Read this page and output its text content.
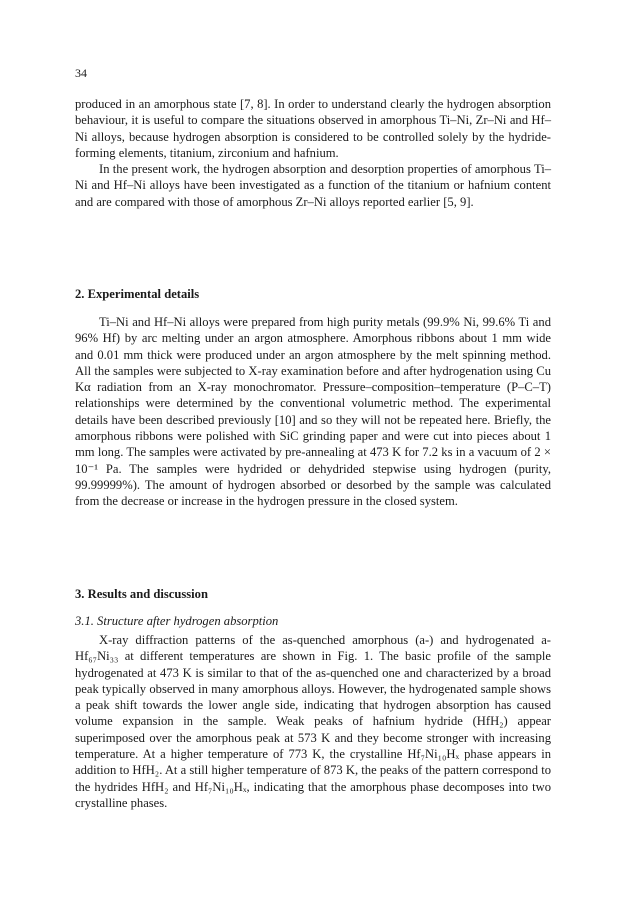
34

produced in an amorphous state [7, 8]. In order to understand clearly the hydrogen absorption behaviour, it is useful to compare the situations observed in amorphous Ti–Ni, Zr–Ni and Hf–Ni alloys, because hydrogen absorption is considered to be controlled solely by the hydride-forming elements, titanium, zirconium and hafnium.

In the present work, the hydrogen absorption and desorption properties of amorphous Ti–Ni and Hf–Ni alloys have been investigated as a function of the titanium or hafnium content and are compared with those of amorphous Zr–Ni alloys reported earlier [5, 9].

2. Experimental details
Ti–Ni and Hf–Ni alloys were prepared from high purity metals (99.9% Ni, 99.6% Ti and 96% Hf) by arc melting under an argon atmosphere. Amorphous ribbons about 1 mm wide and 0.01 mm thick were produced under an argon atmosphere by the melt spinning method. All the samples were subjected to X-ray examination before and after hydrogenation using Cu Kα radiation from an X-ray monochromator. Pressure–composition–temperature (P–C–T) relationships were determined by the conventional volumetric method. The experimental details have been described previously [10] and so they will not be repeated here. Briefly, the amorphous ribbons were polished with SiC grinding paper and were cut into pieces about 1 mm long. The samples were activated by pre-annealing at 473 K for 7.2 ks in a vacuum of 2 × 10⁻¹ Pa. The samples were hydrided or dehydrided stepwise using hydrogen (purity, 99.99999%). The amount of hydrogen absorbed or desorbed by the sample was calculated from the decrease or increase in the hydrogen pressure in the closed system.
3. Results and discussion
3.1. Structure after hydrogen absorption
X-ray diffraction patterns of the as-quenched amorphous (a-) and hydrogenated a-Hf₆₇Ni₃₃ at different temperatures are shown in Fig. 1. The basic profile of the sample hydrogenated at 473 K is similar to that of the as-quenched one and characterized by a broad peak typically observed in many amorphous alloys. However, the hydrogenated sample shows a peak shift towards the lower angle side, indicating that hydrogen absorption has caused volume expansion in the sample. Weak peaks of hafnium hydride (HfH₂) appear superimposed over the amorphous peak at 573 K and they become stronger with increasing temperature. At a higher temperature of 773 K, the crystalline Hf₇Ni₁₀Hₓ phase appears in addition to HfH₂. At a still higher temperature of 873 K, the peaks of the pattern correspond to the hydrides HfH₂ and Hf₇Ni₁₀Hₓ, indicating that the amorphous phase decomposes into two crystalline phases.
